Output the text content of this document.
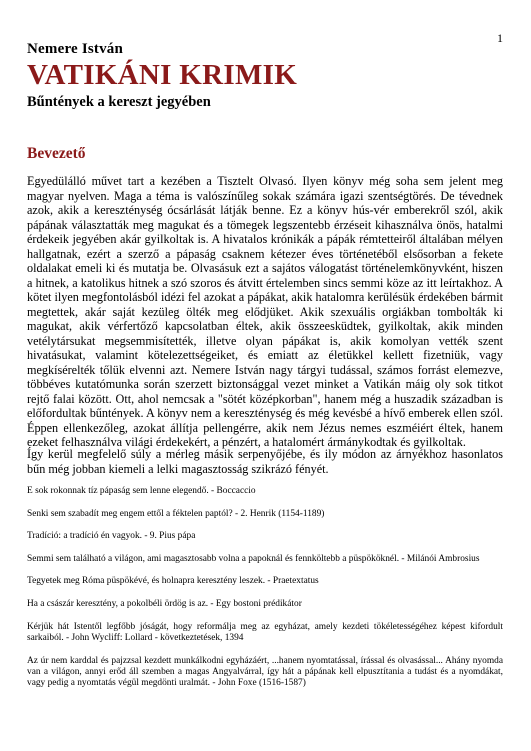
1
Nemere István
VATIKÁNI KRIMIK
Bűntények a kereszt jegyében
Bevezető
Egyedülálló művet tart a kezében a Tisztelt Olvasó. Ilyen könyv még soha sem jelent meg magyar nyelven. Maga a téma is valószínűleg sokak számára igazi szentségtörés. De tévednek azok, akik a kereszténység ócsárlását látják benne. Ez a könyv hús-vér emberekről szól, akik pápának választatták meg magukat és a tömegek legszentebb érzéseit kihasználva önös, hatalmi érdekeik jegyében akár gyilkoltak is. A hivatalos krónikák a pápák rémtetteiről általában mélyen hallgatnak, ezért a szerző a pápaság csaknem kétezer éves történetéből elsősorban a fekete oldalakat emeli ki és mutatja be. Olvasásuk ezt a sajátos válogatást történelemkönyvként, hiszen a hitnek, a katolikus hitnek a szó szoros és átvitt értelemben sincs semmi köze az itt leírtakhoz. A kötet ilyen megfontolásból idézi fel azokat a pápákat, akik hatalomra kerülésük érdekében bármit megtettek, akár saját kezüleg ölték meg elődjüket. Akik szexuális orgiákban tombolták ki magukat, akik vérfertőző kapcsolatban éltek, akik összeesküdtek, gyilkoltak, akik minden vetélytársukat megsemmisítették, illetve olyan pápákat is, akik komolyan vették szent hivatásukat, valamint kötelezettségeiket, és emiatt az életükkel kellett fizetniük, vagy megkísérelték tőlük elvenni azt. Nemere István nagy tárgyi tudással, számos forrást elemezve, többéves kutatómunka során szerzett biztonsággal vezet minket a Vatikán máig oly sok titkot rejtő falai között. Ott, ahol nemcsak a "sötét középkorban", hanem még a huszadik században is előfordultak bűntények. A könyv nem a kereszténység és még kevésbé a hívő emberek ellen szól. Éppen ellenkezőleg, azokat állítja pellengérre, akik nem Jézus nemes eszméiért éltek, hanem ezeket felhasználva világi érdekekért, a pénzért, a hatalomért ármánykodtak és gyilkoltak.
Így kerül megfelelő súly a mérleg másik serpenyőjébe, és ily módon az árnyékhoz hasonlatos bűn még jobban kiemeli a lelki magasztosság szikrázó fényét.

E sok rokonnak tíz pápaság sem lenne elegendő. - Boccaccio

Senki sem szabadít meg engem ettől a féktelen paptól? - 2. Henrik (1154-1189)

Tradíció: a tradíció én vagyok. - 9. Pius pápa

Semmi sem található a világon, ami magasztosabb volna a papoknál és fennköltebb a püspököknél. - Milánói Ambrosius

Tegyetek meg Róma püspökévé, és holnapra keresztény leszek. - Praetextatus

Ha a császár keresztény, a pokolbéli ördög is az. - Egy bostoni prédikátor

Kérjük hát Istentől legfőbb jóságát, hogy reformálja meg az egyházat, amely kezdeti tökéletességéhez képest kifordult sarkaiból. - John Wycliff: Lollard - következtetések, 1394

Az úr nem karddal és pajzzsal kezdett munkálkodni egyházáért, ...hanem nyomtatással, írással és olvasással... Ahány nyomda van a világon, annyi erőd áll szemben a magas Angyalvárral, így hát a pápának kell elpusztítania a tudást és a nyomdákat, vagy pedig a nyomtatás végül megdönti uralmát. - John Foxe (1516-1587)
